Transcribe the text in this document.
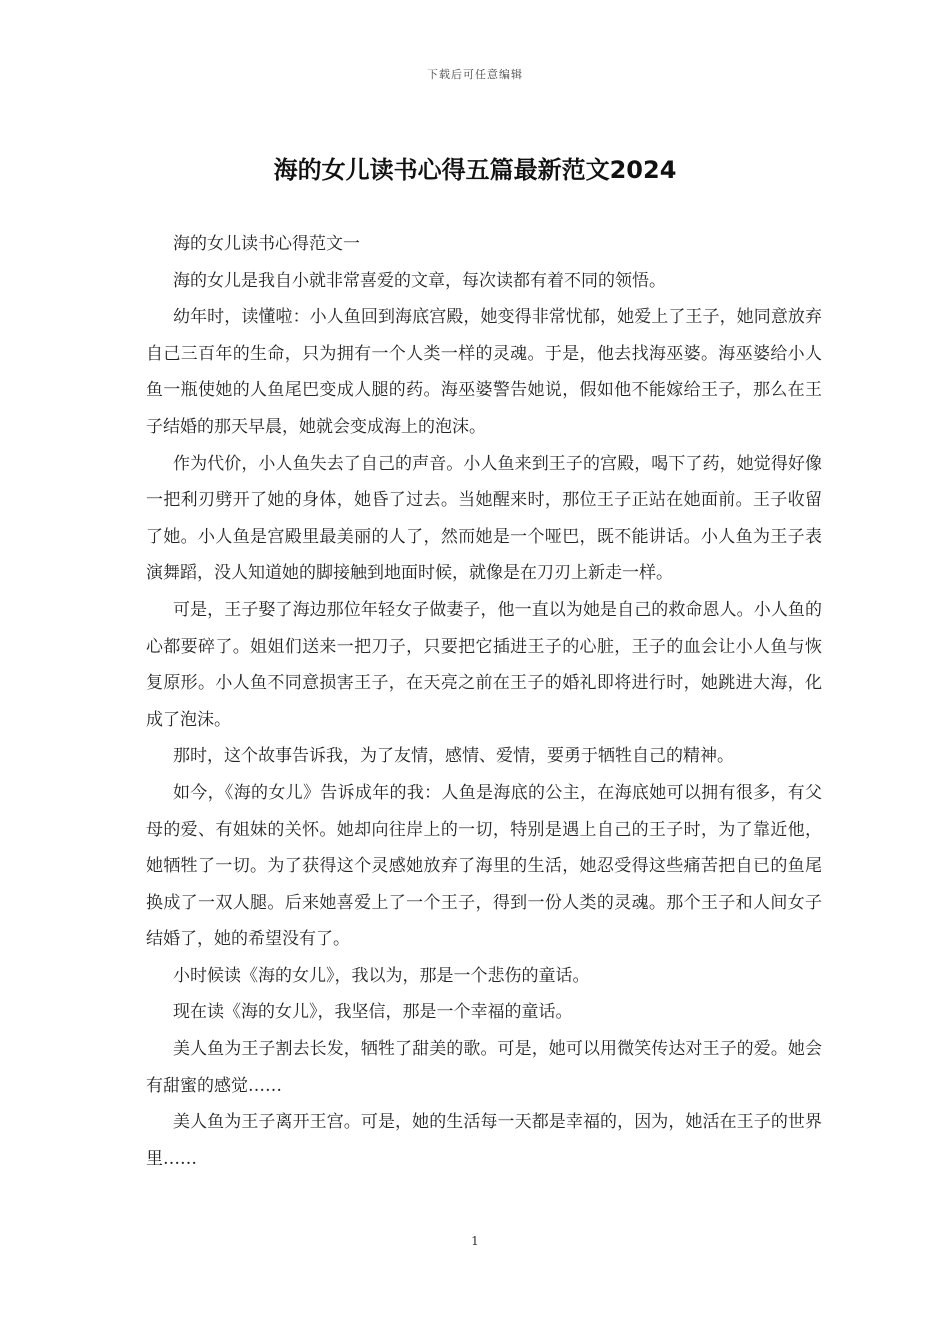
下载后可任意编辑
海的女儿读书心得五篇最新范文2024

海的女儿读书心得范文一

海的女儿是我自小就非常喜爱的文章，每次读都有着不同的领悟。

幼年时，读懂啦：小人鱼回到海底宫殿，她变得非常忧郁，她爱上了王子，她同意放弃自己三百年的生命，只为拥有一个人类一样的灵魂。于是，他去找海巫婆。海巫婆给小人鱼一瓶使她的人鱼尾巴变成人腿的药。海巫婆警告她说，假如他不能嫁给王子，那么在王子结婚的那天早晨，她就会变成海上的泡沫。

作为代价，小人鱼失去了自己的声音。小人鱼来到王子的宫殿，喝下了药，她觉得好像一把利刃劈开了她的身体，她昏了过去。当她醒来时，那位王子正站在她面前。王子收留了她。小人鱼是宫殿里最美丽的人了，然而她是一个哑巴，既不能讲话。小人鱼为王子表演舞蹈，没人知道她的脚接触到地面时候，就像是在刀刃上新走一样。

可是，王子娶了海边那位年轻女子做妻子，他一直以为她是自己的救命恩人。小人鱼的心都要碎了。姐姐们送来一把刀子，只要把它插进王子的心脏，王子的血会让小人鱼与恢复原形。小人鱼不同意损害王子，在天亮之前在王子的婚礼即将进行时，她跳进大海，化成了泡沫。

那时，这个故事告诉我，为了友情，感情、爱情，要勇于牺牲自己的精神。

如今，《海的女儿》告诉成年的我：人鱼是海底的公主，在海底她可以拥有很多，有父母的爱、有姐妹的关怀。她却向往岸上的一切，特别是遇上自己的王子时，为了靠近他，她牺牲了一切。为了获得这个灵感她放弃了海里的生活，她忍受得这些痛苦把自已的鱼尾换成了一双人腿。后来她喜爱上了一个王子，得到一份人类的灵魂。那个王子和人间女子结婚了，她的希望没有了。

小时候读《海的女儿》，我以为，那是一个悲伤的童话。

现在读《海的女儿》，我坚信，那是一个幸福的童话。

美人鱼为王子割去长发，牺牲了甜美的歌。可是，她可以用微笑传达对王子的爱。她会有甜蜜的感觉……

美人鱼为王子离开王宫。可是，她的生活每一天都是幸福的，因为，她活在王子的世界里……

1
